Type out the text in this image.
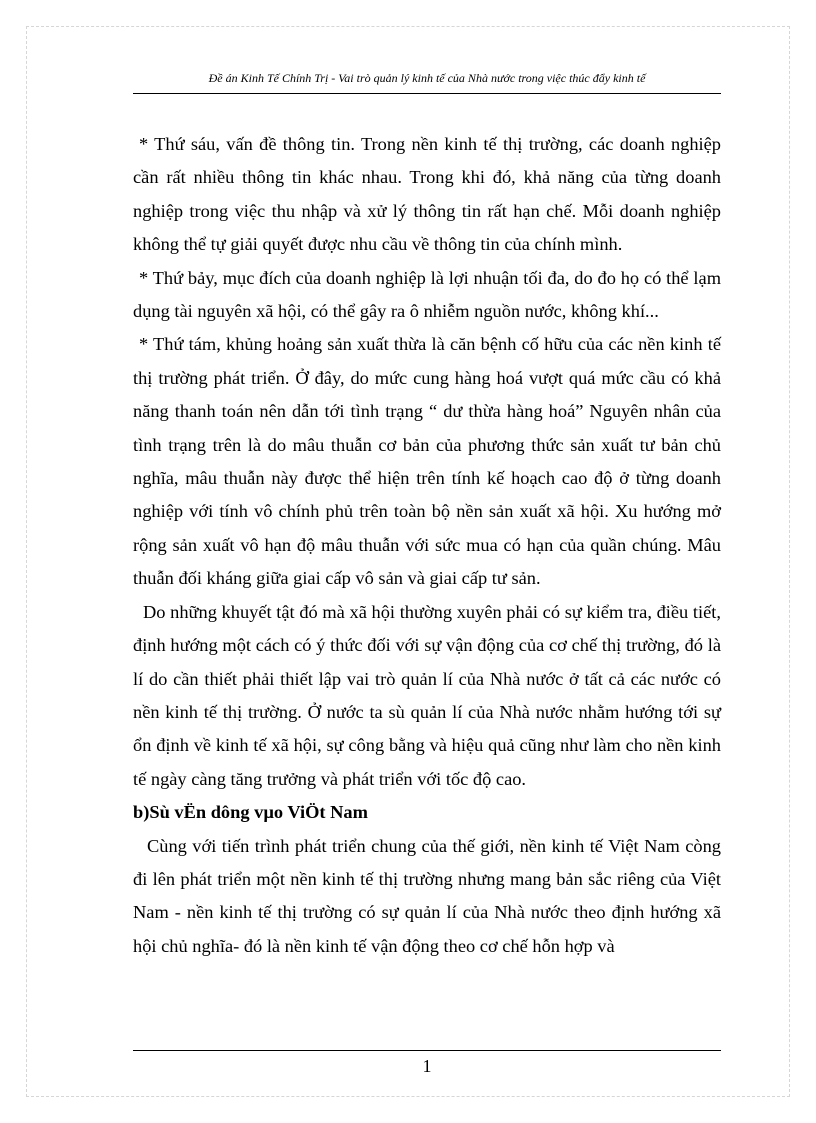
Đề án Kinh Tế Chính Trị - Vai trò quản lý kinh tế của Nhà nước trong việc thúc đẩy kinh tế

* Thứ sáu, vấn đề thông tin. Trong nền kinh tế thị trường, các doanh nghiệp cần rất nhiều thông tin khác nhau. Trong khi đó, khả năng của từng doanh nghiệp trong việc thu nhập và xử lý thông tin rất hạn chế. Mỗi doanh nghiệp không thể tự giải quyết được nhu cầu về thông tin của chính mình.

* Thứ bảy, mục đích của doanh nghiệp là lợi nhuận tối đa, do đo họ có thể lạm dụng tài nguyên xã hội, có thể gây ra ô nhiễm nguồn nước, không khí...

* Thứ tám, khủng hoảng sản xuất thừa là căn bệnh cố hữu của các nền kinh tế thị trường phát triển. Ở đây, do mức cung hàng hoá vượt quá mức cầu có khả năng thanh toán nên dẫn tới tình trạng “ dư thừa hàng hoá” Nguyên nhân của tình trạng trên là do mâu thuẫn cơ bản của phương thức sản xuất tư bản chủ nghĩa, mâu thuẫn này được thể hiện trên tính kế hoạch cao độ ở từng doanh nghiệp với tính vô chính phủ trên toàn bộ nền sản xuất xã hội. Xu hướng mở rộng sản xuất vô hạn độ mâu thuẫn với sức mua có hạn của quần chúng. Mâu thuẫn đối kháng giữa giai cấp vô sản và giai cấp tư sản.

Do những khuyết tật đó mà xã hội thường xuyên phải có sự kiểm tra, điều tiết, định hướng một cách có ý thức đối với sự vận động của cơ chế thị trường, đó là lí do cần thiết phải thiết lập vai trò quản lí của Nhà nước ở tất cả các nước có nền kinh tế thị trường. Ở nước ta sù quản lí của Nhà nước nhằm hướng tới sự ổn định về kinh tế xã hội, sự công bằng và hiệu quả cũng như làm cho nền kinh tế ngày càng tăng trưởng và phát triển với tốc độ cao.

b)Sù vËn dông vµo ViÖt Nam

Cùng với tiến trình phát triển chung của thế giới, nền kinh tế Việt Nam còng đi lên phát triển một nền kinh tế thị trường nhưng mang bản sắc riêng của Việt Nam - nền kinh tế thị trường có sự quản lí của Nhà nước theo định hướng xã hội chủ nghĩa- đó là nền kinh tế vận động theo cơ chế hỗn hợp và

1
